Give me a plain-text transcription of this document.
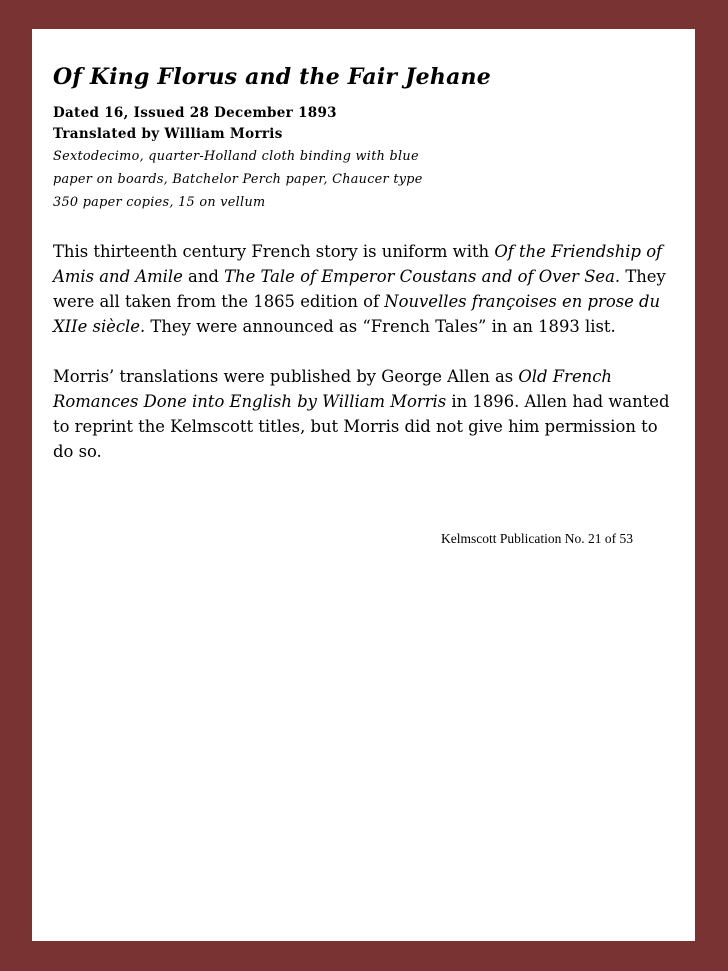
Of King Florus and the Fair Jehane
Dated 16, Issued 28 December 1893
Translated by William Morris
Sextodecimo, quarter-Holland cloth binding with blue
paper on boards, Batchelor Perch paper, Chaucer type
350 paper copies, 15 on vellum

This thirteenth century French story is uniform with Of the Friendship of Amis and Amile and The Tale of Emperor Coustans and of Over Sea. They were all taken from the 1865 edition of Nouvelles françoises en prose du XIIe siècle. They were announced as “French Tales” in an 1893 list.

Morris’ translations were published by George Allen as Old French Romances Done into English by William Morris in 1896. Allen had wanted to reprint the Kelmscott titles, but Morris did not give him permission to do so.

Kelmscott Publication No. 21 of 53
